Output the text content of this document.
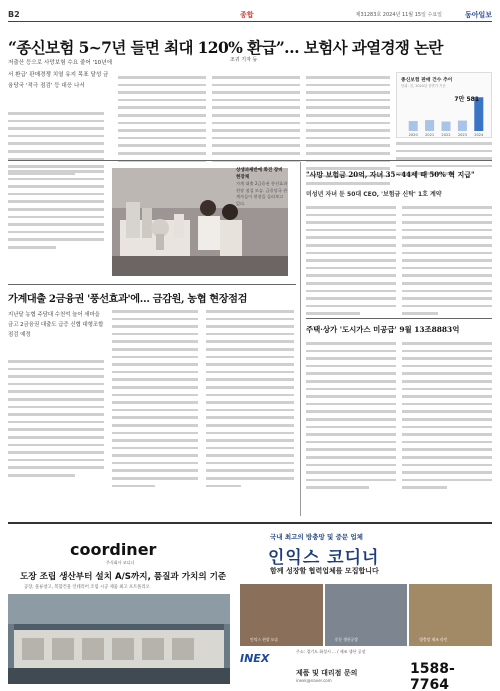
B2	종합	제31283호 2024년 11월 15일 수요일	동아일보
“종신보험 5~7년 들면 최대 120% 환급”… 보험사 과열경쟁 논란
저출산 등으로 사망보험 수요 줄어 '10년에서 환급' 판매경쟁 치열 유지 목표 달성 금융당국 '적극 점검' 등 대응 나서
조귀 기자 등
종신보험 판매 건수 추이
단위: 건, 2024년 상반기 기준
2020 2021 2022 2023 2024
7만 581
상생과제반에 화진 장비 현장체
가계 대출 2금융권 풍선효과 현장 점검 모습. 금융당국 관계자들이 현장을 둘러보고 있다.
"사망 보험금 20억, 자녀 35~44세 때 50% 혁 지급"
미성년 자녀 둔 50대 CEO, '보험금 신탁' 1호 계약
주택·상가 '도시가스 미공급' 9월 13조8883억
가계대출 2금융권 '풍선효과'에… 금감원, 농협 현장점검
지난달 농협 주담대 수천억 늘어 새마을금고 2금융권 대출도 급증 신협 대형조합 점검 예정
coordiner
주식회사 코디너
도장 조립 생산부터 설치 A/S까지, 품질과 가치의 기준
공장, 물류창고, 복합건물 인테리어 조립 시공 제품 최고 포트폴리오
국내 최고의 방충망 및 중문 업체
인익스 코디너
함께 성장할 협력업체를 모집합니다
인익스 현장 모습	중문 생산공장	방충망 제조 라인
INEX
주소: 경기도 화성시 ... / 제조 생산 공장
제품 및 대리점 문의	1588-7764
inexk@naver.com
